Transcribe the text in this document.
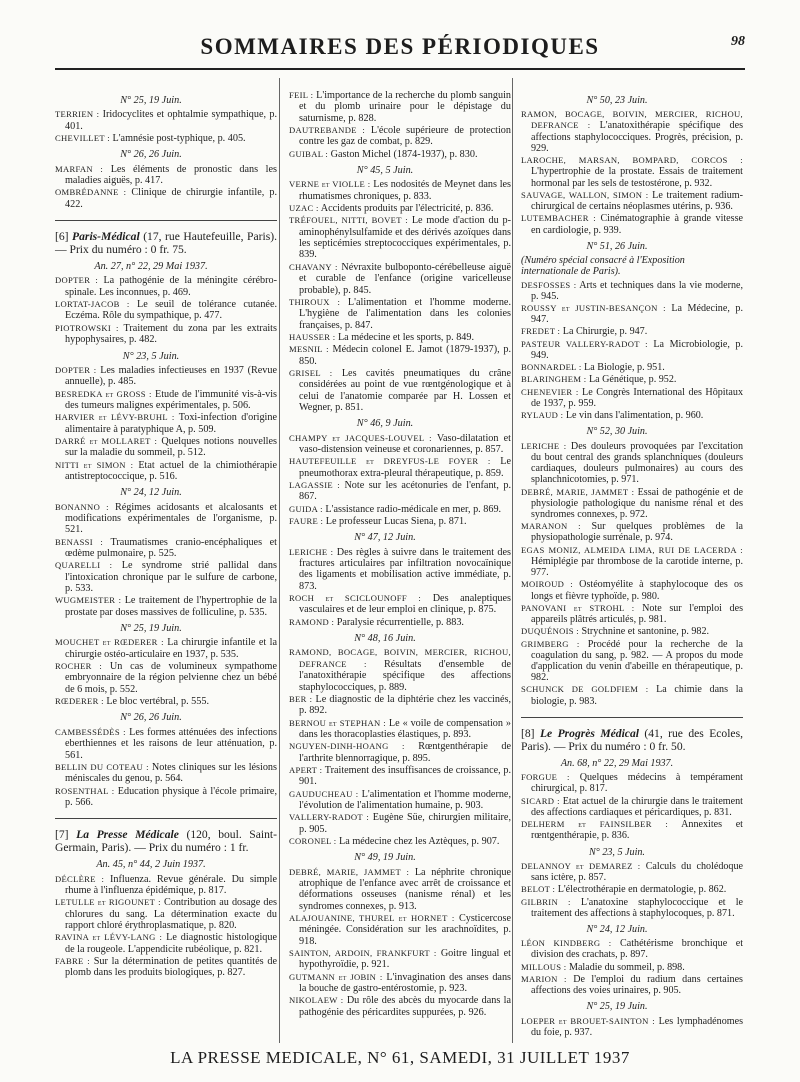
SOMMAIRES DES PÉRIODIQUES	98
N° 25, 19 Juin.
TERRIEN : Iridocyclites et ophtalmie sympathique, p. 401.
CHEVILLET : L'amnésie post-typhique, p. 405.
N° 26, 26 Juin.
MARFAN : Les éléments de pronostic dans les maladies aiguës, p. 417.
OMBRÉDANNE : Clinique de chirurgie infantile, p. 422.
[6] Paris-Médical (17, rue Hautefeuille, Paris). — Prix du numéro : 0 fr. 75.
An. 27, n° 22, 29 Mai 1937.
DOPTER : La pathogénie de la méningite cérébro-spinale. Les inconnues, p. 469.
LORTAT-JACOB : Le seuil de tolérance cutanée. Eczéma. Rôle du sympathique, p. 477.
PIOTROWSKI : Traitement du zona par les extraits hypophysaires, p. 482.
N° 23, 5 Juin.
DOPTER : Les maladies infectieuses en 1937 (Revue annuelle), p. 485.
BESREDKA et GROSS : Etude de l'immunité vis-à-vis des tumeurs malignes expérimentales, p. 506.
HARVIER et LÉVY-BRUHL : Toxi-infection d'origine alimentaire à paratyphique A, p. 509.
DARRÉ et MOLLARET : Quelques notions nouvelles sur la maladie du sommeil, p. 512.
NITTI et SIMON : Etat actuel de la chimiothérapie antistreptococcique, p. 516.
N° 24, 12 Juin.
BONANNO : Régimes acidosants et alcalosants et modifications expérimentales de l'organisme, p. 521.
BENASSI : Traumatismes cranio-encéphaliques et œdème pulmonaire, p. 525.
QUARELLI : Le syndrome strié pallidal dans l'intoxication chronique par le sulfure de carbone, p. 533.
WUGMEISTER : Le traitement de l'hypertrophie de la prostate par doses massives de folliculine, p. 535.
N° 25, 19 Juin.
MOUCHET et RŒDERER : La chirurgie infantile et la chirurgie ostéo-articulaire en 1937, p. 535.
ROCHER : Un cas de volumineux sympathome embryonnaire de la région pelvienne chez un bébé de 6 mois, p. 552.
RŒDERER : Le bloc vertébral, p. 555.
N° 26, 26 Juin.
CAMBESSÉDÈS : Les formes atténuées des infections eberthiennes et les raisons de leur atténuation, p. 561.
BELLIN DU COTEAU : Notes cliniques sur les lésions méniscales du genou, p. 564.
ROSENTHAL : Education physique à l'école primaire, p. 566.
[7] La Presse Médicale (120, boul. Saint-Germain, Paris). — Prix du numéro : 1 fr.
An. 45, n° 44, 2 Juin 1937.
DÉCLÈRE : Influenza. Revue générale. Du simple rhume à l'influenza épidémique, p. 817.
LETULLE et RIGOUNET : Contribution au dosage des chlorures du sang. La détermination exacte du rapport chloré érythroplasmatique, p. 820.
RAVINA et LÉVY-LANG : Le diagnostic histologique de la rougeole. L'appendicite rubéolique, p. 821.
FABRE : Sur la détermination de petites quantités de plomb dans les produits biologiques, p. 827.
FEIL : L'importance de la recherche du plomb sanguin et du plomb urinaire pour le dépistage du saturnisme, p. 828.
DAUTREBANDE : L'école supérieure de protection contre les gaz de combat, p. 829.
GUIBAL : Gaston Michel (1874-1937), p. 830.
N° 45, 5 Juin.
VERNE et VIOLLE : Les nodosités de Meynet dans les rhumatismes chroniques, p. 833.
UZAC : Accidents produits par l'électricité, p. 836.
TRÉFOUEL, NITTI, BOVET : Le mode d'action du p-aminophénylsulfamide et des dérivés azoïques dans les septicémies streptococciques expérimentales, p. 839.
CHAVANY : Névraxite bulboponto-cérébelleuse aiguë et curable de l'enfance (origine varicelleuse probable), p. 845.
THIROUX : L'alimentation et l'homme moderne. L'hygiène de l'alimentation dans les colonies françaises, p. 847.
HAUSSER : La médecine et les sports, p. 849.
MESNIL : Médecin colonel E. Jamot (1879-1937), p. 850.
GRISEL : Les cavités pneumatiques du crâne considérées au point de vue rœntgénologique et à celui de l'anatomie comparée par H. Lossen et Wegner, p. 851.
N° 46, 9 Juin.
CHAMPY et JACQUES-LOUVEL : Vaso-dilatation et vaso-distension veineuse et coronariennes, p. 857.
HAUTEFEUILLE et DREYFUS-LE FOYER : Le pneumothorax extra-pleural thérapeutique, p. 859.
LAGASSIE : Note sur les acétonuries de l'enfant, p. 867.
GUIDA : L'assistance radio-médicale en mer, p. 869.
FAURE : Le professeur Lucas Siena, p. 871.
N° 47, 12 Juin.
LERICHE : Des règles à suivre dans le traitement des fractures articulaires par infiltration novocaïnique des ligaments et mobilisation active immédiate, p. 873.
ROCH et SCICLOUNOFF : Des analeptiques vasculaires et de leur emploi en clinique, p. 875.
RAMOND : Paralysie récurrentielle, p. 883.
N° 48, 16 Juin.
RAMOND, BOCAGE, BOIVIN, MERCIER, RICHOU, DEFRANCE : Résultats d'ensemble de l'anatoxithérapie spécifique des affections staphylococciques, p. 889.
BER : Le diagnostic de la diphtérie chez les vaccinés, p. 892.
BERNOU et STEPHAN : Le « voile de compensation » dans les thoracoplasties élastiques, p. 893.
NGUYEN-DINH-HOANG : Rœntgenthérapie de l'arthrite blennorragique, p. 895.
APERT : Traitement des insuffisances de croissance, p. 901.
GAUDUCHEAU : L'alimentation et l'homme moderne, l'évolution de l'alimentation humaine, p. 903.
VALLERY-RADOT : Eugène Süe, chirurgien militaire, p. 905.
CORONEL : La médecine chez les Aztèques, p. 907.
N° 49, 19 Juin.
DEBRÉ, MARIE, JAMMET : La néphrite chronique atrophique de l'enfance avec arrêt de croissance et déformations osseuses (nanisme rénal) et les syndromes connexes, p. 913.
ALAJOUANINE, THUREL et HORNET : Cysticercose méningée. Considération sur les arachnoïdites, p. 918.
SAINTON, ARDOIN, FRANKFURT : Goitre lingual et hypothyroïdie, p. 921.
GUTMANN et JOBIN : L'invagination des anses dans la bouche de gastro-entérostomie, p. 923.
NIKOLAEW : Du rôle des abcès du myocarde dans la pathogénie des péricardites suppurées, p. 926.
N° 50, 23 Juin.
RAMON, BOCAGE, BOIVIN, MERCIER, RICHOU, DEFRANCE : L'anatoxithérapie spécifique des affections staphylococciques. Progrès, précision, p. 929.
LAROCHE, MARSAN, BOMPARD, CORCOS : L'hypertrophie de la prostate. Essais de traitement hormonal par les sels de testostérone, p. 932.
SAUVAGE, WALLON, SIMON : Le traitement radium-chirurgical de certains néoplasmes utérins, p. 936.
LUTEMBACHER : Cinématographie à grande vitesse en cardiologie, p. 939.
N° 51, 26 Juin.
(Numéro spécial consacré à l'Exposition internationale de Paris).
DESFOSSES : Arts et techniques dans la vie moderne, p. 945.
ROUSSY et JUSTIN-BESANÇON : La Médecine, p. 947.
FREDET : La Chirurgie, p. 947.
PASTEUR VALLERY-RADOT : La Microbiologie, p. 949.
BONNARDEL : La Biologie, p. 951.
BLARINGHEM : La Génétique, p. 952.
CHENEVIER : Le Congrès International des Hôpitaux de 1937, p. 959.
RYLAUD : Le vin dans l'alimentation, p. 960.
N° 52, 30 Juin.
LERICHE : Des douleurs provoquées par l'excitation du bout central des grands splanchniques (douleurs cardiaques, douleurs pulmonaires) au cours des splanchnicotomies, p. 971.
DEBRÉ, MARIE, JAMMET : Essai de pathogénie et de physiologie pathologique du nanisme rénal et des syndromes connexes, p. 972.
MARANON : Sur quelques problèmes de la physiopathologie surrénale, p. 974.
EGAS MONIZ, ALMEIDA LIMA, RUI DE LACERDA : Hémiplégie par thrombose de la carotide interne, p. 977.
MOIROUD : Ostéomyélite à staphylocoque des os longs et fièvre typhoïde, p. 980.
PANOVANI et STROHL : Note sur l'emploi des appareils plâtrés articulés, p. 981.
DUQUÉNOIS : Strychnine et santonine, p. 982.
GRIMBERG : Procédé pour la recherche de la coagulation du sang, p. 982. — A propos du mode d'application du venin d'abeille en thérapeutique, p. 982.
SCHUNCK DE GOLDFIEM : La chimie dans la biologie, p. 983.
[8] Le Progrès Médical (41, rue des Ecoles, Paris). — Prix du numéro : 0 fr. 50.
An. 68, n° 22, 29 Mai 1937.
FORGUE : Quelques médecins à tempérament chirurgical, p. 817.
SICARD : Etat actuel de la chirurgie dans le traitement des affections cardiaques et péricardiques, p. 831.
DELHERM et FAINSILBER : Annexites et rœntgenthérapie, p. 836.
N° 23, 5 Juin.
DELANNOY et DEMAREZ : Calculs du cholédoque sans ictère, p. 857.
BELOT : L'électrothérapie en dermatologie, p. 862.
GILBRIN : L'anatoxine staphylococcique et le traitement des affections à staphylocoques, p. 871.
N° 24, 12 Juin.
LÉON KINDBERG : Cathétérisme bronchique et division des crachats, p. 897.
MILLOUS : Maladie du sommeil, p. 898.
MARION : De l'emploi du radium dans certaines affections des voies urinaires, p. 905.
N° 25, 19 Juin.
LOEPER et BROUET-SAINTON : Les lymphadénomes du foie, p. 937.
LA PRESSE MEDICALE, N° 61, SAMEDI, 31 JUILLET 1937
